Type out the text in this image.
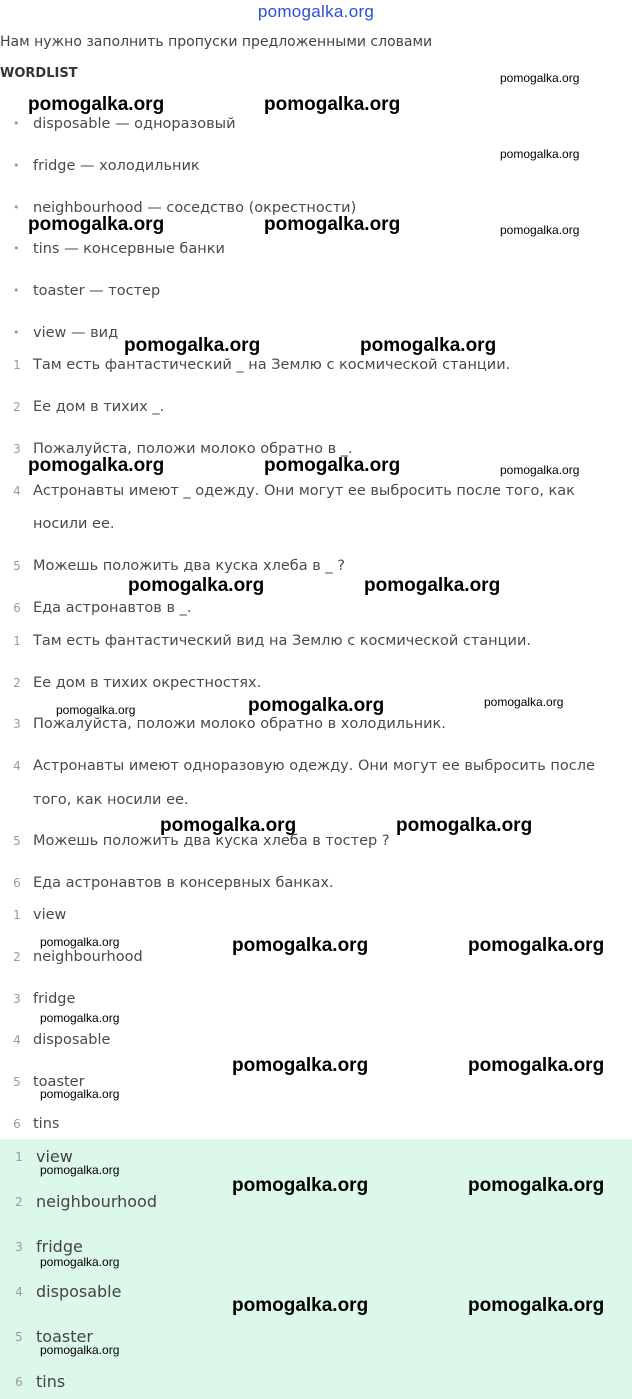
pomogalka.org
Нам нужно заполнить пропуски предложенными словами
WORDLIST
• disposable — одноразовый
• fridge — холодильник
• neighbourhood — соседство (окрестности)
• tins — консервные банки
• toaster — тостер
• view — вид
1 Там есть фантастический _ на Землю с космической станции.
2 Ее дом в тихих _.
3 Пожалуйста, положи молоко обратно в _.
4 Астронавты имеют _ одежду. Они могут ее выбросить после того, как
носили ее.
5 Можешь положить два куска хлеба в _ ?
6 Еда астронавтов в _.
1 Там есть фантастический вид на Землю с космической станции.
2 Ее дом в тихих окрестностях.
3 Пожалуйста, положи молоко обратно в холодильник.
4 Астронавты имеют одноразовую одежду. Они могут ее выбросить после
того, как носили ее.
5 Можешь положить два куска хлеба в тостер ?
6 Еда астронавтов в консервных банках.
1 view
2 neighbourhood
3 fridge
4 disposable
5 toaster
6 tins
1 view
2 neighbourhood
3 fridge
4 disposable
5 toaster
6 tins
pomogalka.org
pomogalka.org	pomogalka.org
pomogalka.org
pomogalka.org	pomogalka.org	pomogalka.org
pomogalka.org	pomogalka.org
pomogalka.org	pomogalka.org	pomogalka.org
pomogalka.org	pomogalka.org
pomogalka.org
pomogalka.org
pomogalka.org
pomogalka.org	pomogalka.org
pomogalka.org	pomogalka.org	pomogalka.org
pomogalka.org
pomogalka.org	pomogalka.org
pomogalka.org
pomogalka.org
pomogalka.org	pomogalka.org
pomogalka.org
pomogalka.org	pomogalka.org
pomogalka.org
